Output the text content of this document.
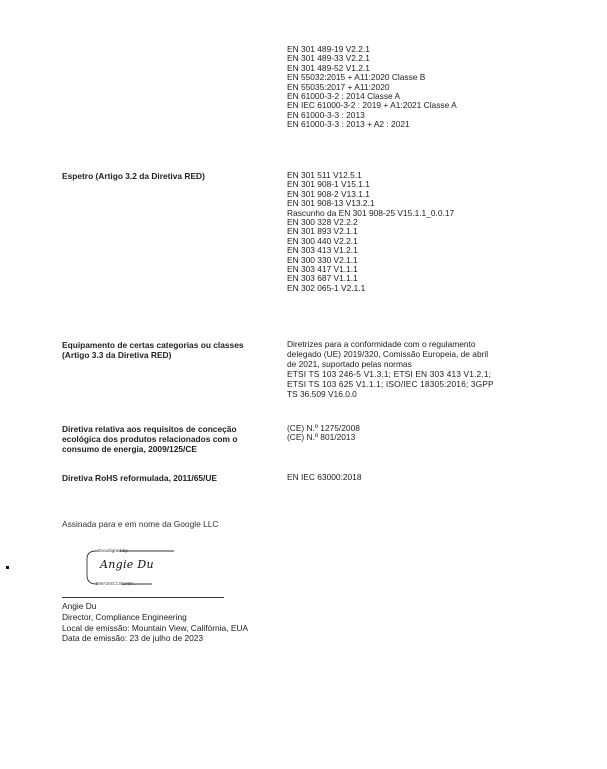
EN 301 489-19 V2.2.1
EN 301 489-33 V2.2.1
EN 301 489-52 V1.2.1
EN 55032:2015 + A11:2020 Classe B
EN 55035:2017 + A11:2020
EN 61000-3-2 : 2014 Classe A
EN IEC 61000-3-2 : 2019 + A1:2021 Classe A
EN 61000-3-3 : 2013
EN 61000-3-3 : 2013 + A2 : 2021
Espetro (Artigo 3.2 da Diretiva RED)	EN 301 511 V12.5.1
EN 301 908-1 V15.1.1
EN 301 908-2 V13.1.1
EN 301 908-13 V13.2.1
Rascunho da EN 301 908-25 V15.1.1_0.0.17
EN 300 328 V2.2.2
EN 301 893 V2.1.1
EN 300 440 V2.2.1
EN 303 413 V1.2.1
EN 300 330 V2.1.1
EN 303 417 V1.1.1
EN 303 687 V1.1.1
EN 302 065-1 V2.1.1
Equipamento de certas categorias ou classes
(Artigo 3.3 da Diretiva RED)
Diretrizes para a conformidade com o regulamento
delegado (UE) 2019/320, Comissão Europeia, de abril
de 2021, suportado pelas normas
ETSI TS 103 246-5 V1.3.1; ETSI EN 303 413 V1.2.1;
ETSI TS 103 625 V1.1.1; ISO/IEC 18305:2016; 3GPP
TS 36.509 V16.0.0
Diretiva relativa aos requisitos de conceção
ecológica dos produtos relacionados com o
consumo de energia, 2009/125/CE
(CE) N.º 1275/2008
(CE) N.º 801/2013
Diretiva RoHS reformulada, 2011/65/UE	EN IEC 63000:2018
Assinada para e em nome da Google LLC
DocuSigned by:
Angie Du
989A308CC0524BF...
Angie Du
Director, Compliance Engineering
Local de emissão: Mountain View, Califórnia, EUA
Data de emissão: 23 de julho de 2023
